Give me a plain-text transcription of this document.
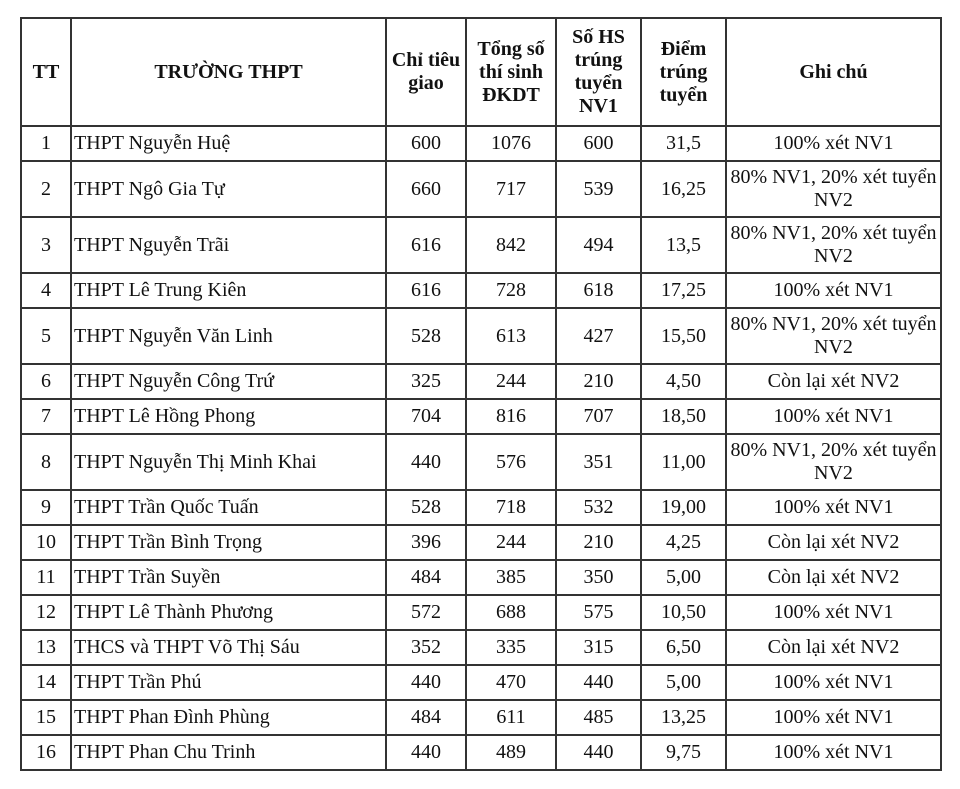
TT	TRƯỜNG THPT	Chỉ tiêu giao	Tổng số thí sinh ĐKDT	Số HS trúng tuyển NV1	Điểm trúng tuyển	Ghi chú
1	THPT Nguyễn Huệ	600	1076	600	31,5	100% xét NV1
2	THPT Ngô Gia Tự	660	717	539	16,25	80% NV1, 20% xét tuyển NV2
3	THPT Nguyễn Trãi	616	842	494	13,5	80% NV1, 20% xét tuyển NV2
4	THPT Lê Trung Kiên	616	728	618	17,25	100% xét NV1
5	THPT Nguyễn Văn Linh	528	613	427	15,50	80% NV1, 20% xét tuyển NV2
6	THPT Nguyễn Công Trứ	325	244	210	4,50	Còn lại xét NV2
7	THPT Lê Hồng Phong	704	816	707	18,50	100% xét NV1
8	THPT Nguyễn Thị Minh Khai	440	576	351	11,00	80% NV1, 20% xét tuyển NV2
9	THPT Trần Quốc Tuấn	528	718	532	19,00	100% xét NV1
10	THPT Trần Bình Trọng	396	244	210	4,25	Còn lại xét NV2
11	THPT Trần Suyền	484	385	350	5,00	Còn lại xét NV2
12	THPT Lê Thành Phương	572	688	575	10,50	100% xét NV1
13	THCS và THPT Võ Thị Sáu	352	335	315	6,50	Còn lại xét NV2
14	THPT Trần Phú	440	470	440	5,00	100% xét NV1
15	THPT Phan Đình Phùng	484	611	485	13,25	100% xét NV1
16	THPT Phan Chu Trinh	440	489	440	9,75	100% xét NV1
